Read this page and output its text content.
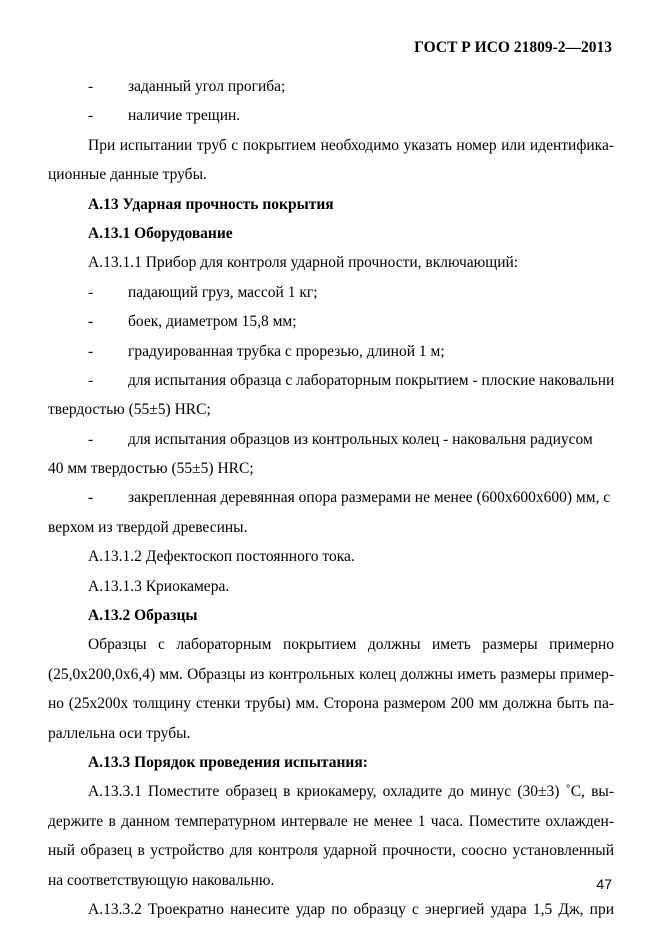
ГОСТ Р ИСО 21809-2—2013
- заданный угол прогиба;
- наличие трещин.
При испытании труб с покрытием необходимо указать номер или идентифика-
ционные данные трубы.
А.13 Ударная прочность покрытия
А.13.1 Оборудование
А.13.1.1 Прибор для контроля ударной прочности, включающий:
- падающий груз, массой 1 кг;
- боек, диаметром 15,8 мм;
- градуированная трубка с прорезью, длиной 1 м;
- для испытания образца с лабораторным покрытием - плоские наковальни
твердостью (55±5) HRC;
- для испытания образцов из контрольных колец - наковальня радиусом
40 мм твердостью (55±5) HRC;
- закрепленная деревянная опора размерами не менее (600x600x600) мм, с
верхом из твердой древесины.
А.13.1.2 Дефектоскоп постоянного тока.
А.13.1.3 Криокамера.
А.13.2 Образцы
Образцы с лабораторным покрытием должны иметь размеры примерно
(25,0x200,0x6,4) мм. Образцы из контрольных колец должны иметь размеры пример-
но (25x200x толщину стенки трубы) мм. Сторона размером 200 мм должна быть па-
раллельна оси трубы.
А.13.3 Порядок проведения испытания:
А.13.3.1 Поместите образец в криокамеру, охладите до минус (30±3) ˚С, вы-
держите в данном температурном интервале не менее 1 часа. Поместите охлажден-
ный образец в устройство для контроля ударной прочности, соосно установленный
на соответствующую наковальню.
А.13.3.2 Троекратно нанесите удар по образцу с энергией удара 1,5 Дж, при
47
